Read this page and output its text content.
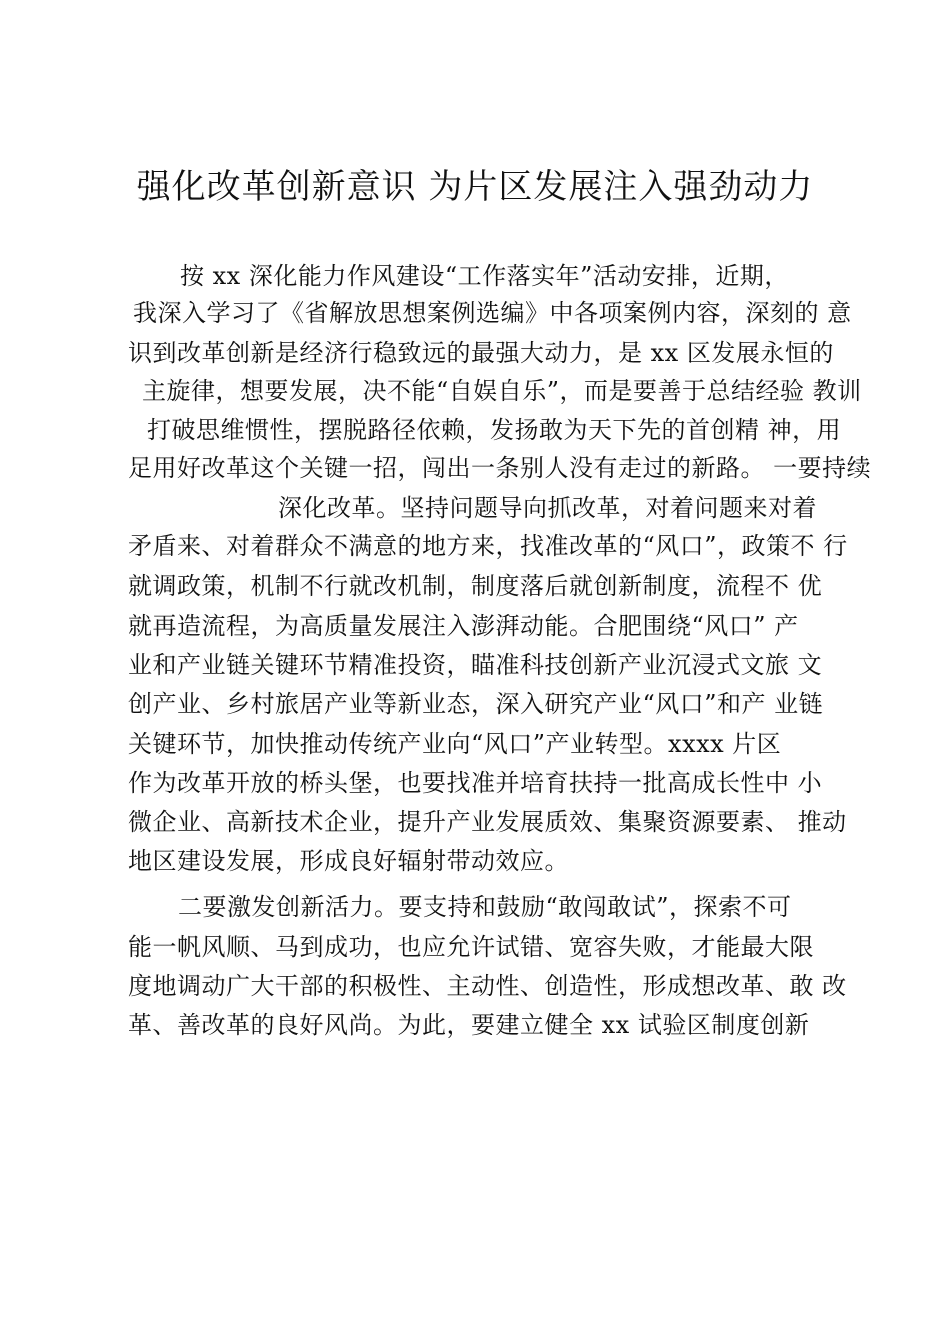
强化改革创新意识 为片区发展注入强劲动力
按 xx 深化能力作风建设“工作落实年”活动安排，近期，
我深入学习了《省解放思想案例选编》中各项案例内容，深刻的 意
识到改革创新是经济行稳致远的最强大动力，是 xx 区发展永恒的
主旋律，想要发展，决不能“自娱自乐”，而是要善于总结经验 教训
打破思维惯性，摆脱路径依赖，发扬敢为天下先的首创精 神，用
足用好改革这个关键一招，闯出一条别人没有走过的新路。 一要持续
深化改革。坚持问题导向抓改革，对着问题来对着
矛盾来、对着群众不满意的地方来，找准改革的“风口”，政策不 行
就调政策，机制不行就改机制，制度落后就创新制度，流程不 优
就再造流程，为高质量发展注入澎湃动能。合肥围绕“风口” 产
业和产业链关键环节精准投资，瞄准科技创新产业沉浸式文旅 文
创产业、乡村旅居产业等新业态，深入研究产业“风口”和产 业链
关键环节，加快推动传统产业向“风口”产业转型。xxxx 片区
作为改革开放的桥头堡，也要找准并培育扶持一批高成长性中 小
微企业、高新技术企业，提升产业发展质效、集聚资源要素、 推动
地区建设发展，形成良好辐射带动效应。
二要激发创新活力。要支持和鼓励“敢闯敢试”，探索不可
能一帆风顺、马到成功，也应允许试错、宽容失败，才能最大限
度地调动广大干部的积极性、主动性、创造性，形成想改革、敢 改
革、善改革的良好风尚。为此，要建立健全 xx 试验区制度创新
